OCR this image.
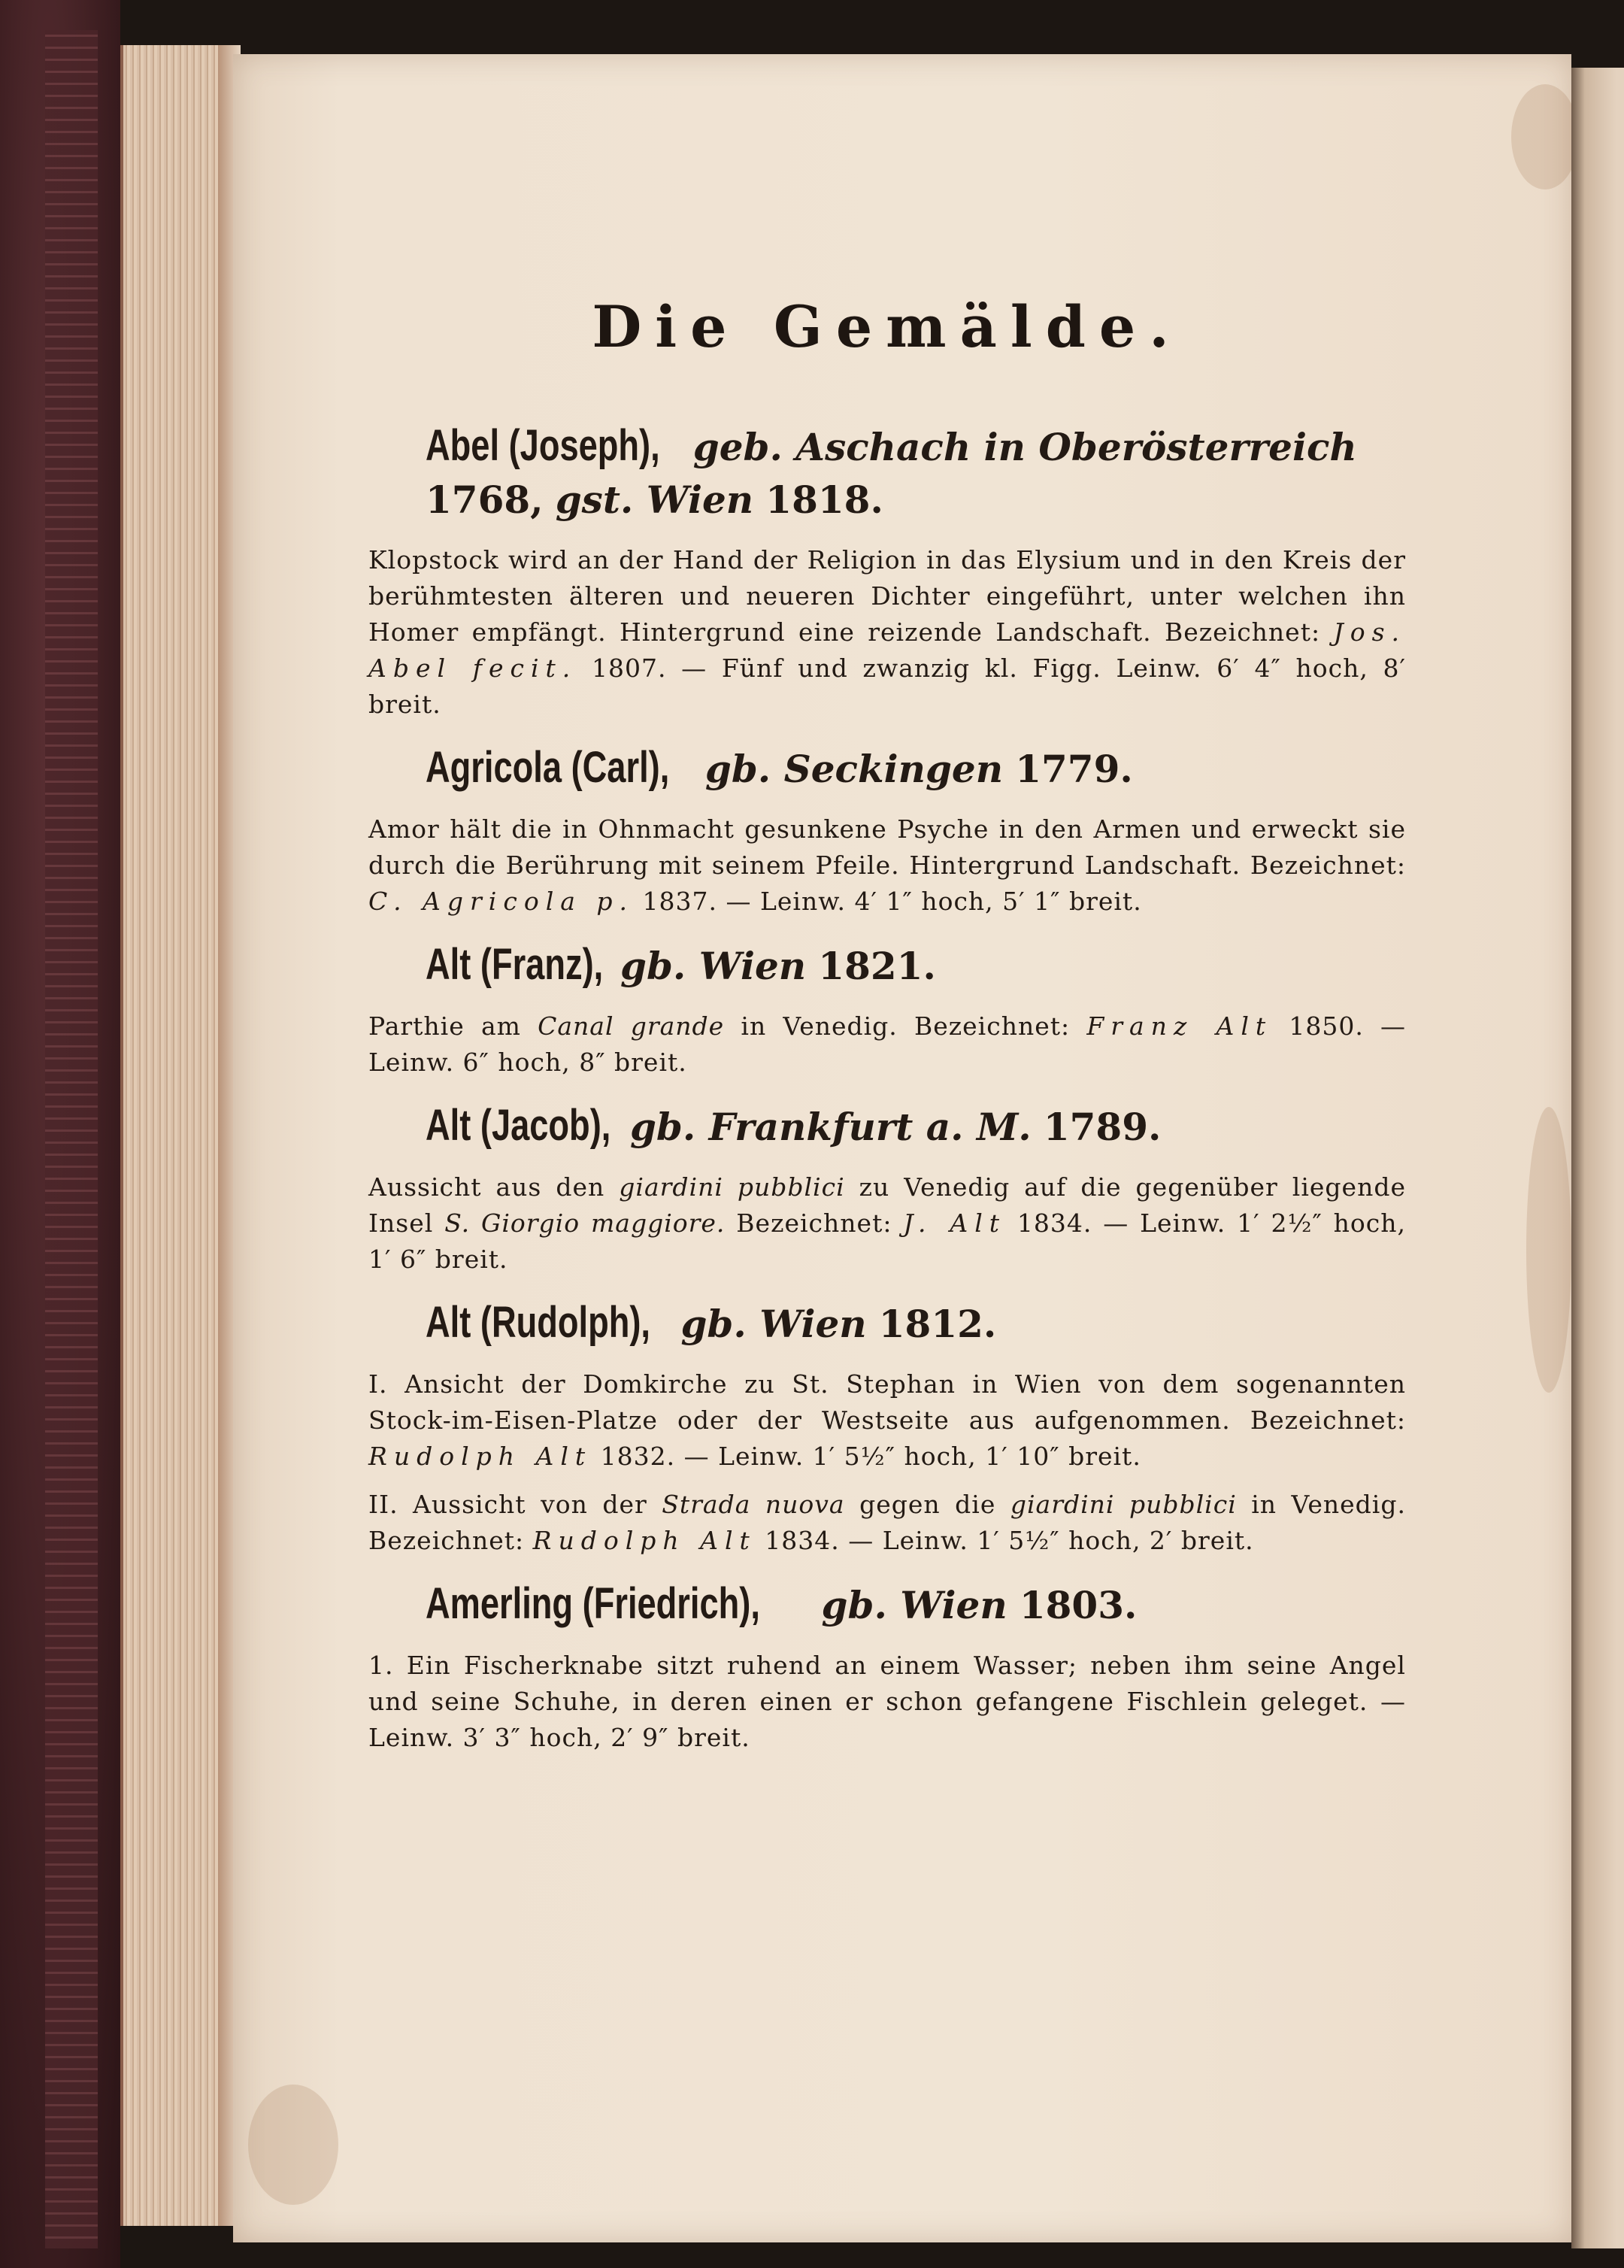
Die Gemälde.
Abel (Joseph), geb. Aschach in Oberösterreich
1768, gst. Wien 1818.
Klopstock wird an der Hand der Religion in das Elysium und in den Kreis der berühmtesten älteren und neueren Dichter eingeführt, unter welchen ihn Homer empfängt. Hintergrund eine reizende Landschaft. Bezeichnet: Jos. Abel fecit. 1807. — Fünf und zwanzig kl. Figg. Leinw. 6′ 4″ hoch, 8′ breit.
Agricola (Carl), gb. Seckingen 1779.
Amor hält die in Ohnmacht gesunkene Psyche in den Armen und erweckt sie durch die Berührung mit seinem Pfeile. Hintergrund Landschaft. Bezeichnet: C. Agricola p. 1837. — Leinw. 4′ 1″ hoch, 5′ 1″ breit.
Alt (Franz), gb. Wien 1821.
Parthie am Canal grande in Venedig. Bezeichnet: Franz Alt 1850. — Leinw. 6″ hoch, 8″ breit.
Alt (Jacob), gb. Frankfurt a. M. 1789.
Aussicht aus den giardini pubblici zu Venedig auf die gegenüber liegende Insel S. Giorgio maggiore. Bezeichnet: J. Alt 1834. — Leinw. 1′ 2½″ hoch, 1′ 6″ breit.
Alt (Rudolph), gb. Wien 1812.
I. Ansicht der Domkirche zu St. Stephan in Wien von dem sogenannten Stock-im-Eisen-Platze oder der Westseite aus aufgenommen. Bezeichnet: Rudolph Alt 1832. — Leinw. 1′ 5½″ hoch, 1′ 10″ breit.
II. Aussicht von der Strada nuova gegen die giardini pubblici in Venedig. Bezeichnet: Rudolph Alt 1834. — Leinw. 1′ 5½″ hoch, 2′ breit.
Amerling (Friedrich), gb. Wien 1803.
1. Ein Fischerknabe sitzt ruhend an einem Wasser; neben ihm seine Angel und seine Schuhe, in deren einen er schon gefangene Fischlein geleget. — Leinw. 3′ 3″ hoch, 2′ 9″ breit.
